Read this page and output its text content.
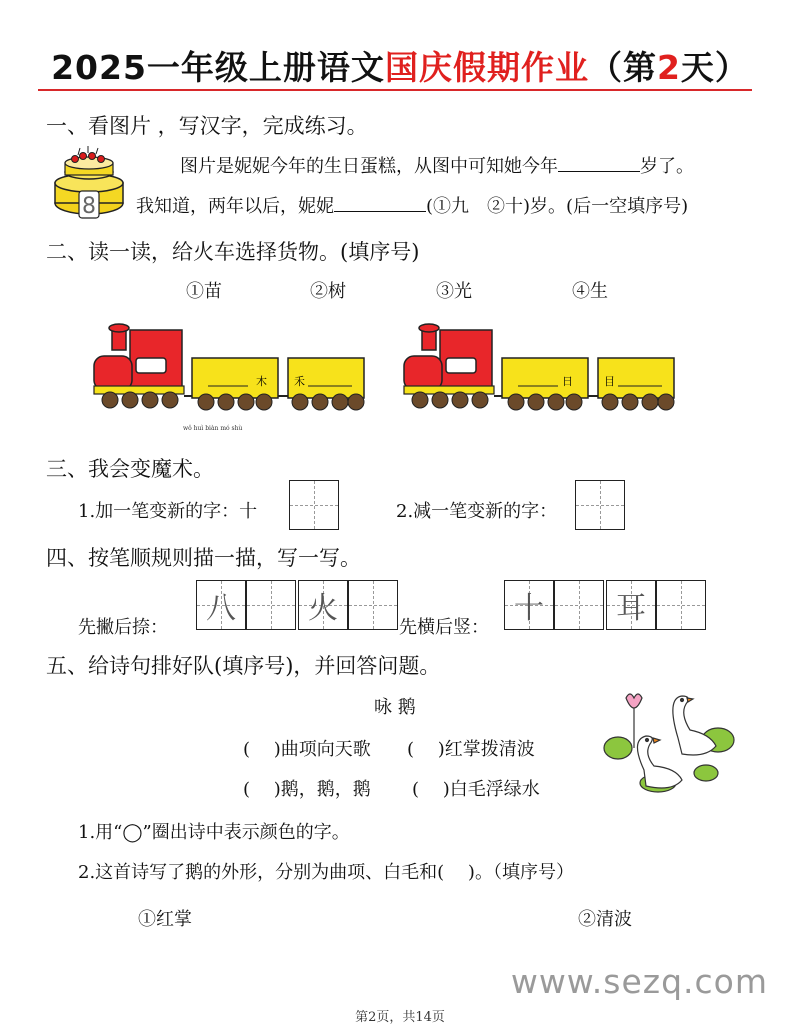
2025一年级上册语文国庆假期作业（第2天）
一、看图片 ，写汉字，完成练习。
8
图片是妮妮今年的生日蛋糕，从图中可知她今年	岁了。
我知道，两年以后，妮妮	(①九　②十)岁。(后一空填序号)
二、读一读，给火车选择货物。(填序号)
①苗	②树	③光	④生
木 禾	日	目
wǒ huì biàn mó shù
三、我会变魔术。
1.加一笔变新的字：十	2.减一笔变新的字：
四、按笔顺规则描一描，写一写。
先撇后捺：
八	火
先横后竖：
十	耳
五、给诗句排好队(填序号)，并回答问题。
咏 鹅
(　 )曲项向天歌 (　 )红掌拨清波
(　 )鹅，鹅，鹅 (　 )白毛浮绿水
1.用“◯”圈出诗中表示颜色的字。
2.这首诗写了鹅的外形，分别为曲项、白毛和(　 )。（填序号）
①红掌	②清波
www.sezq.com
第2页，共14页
